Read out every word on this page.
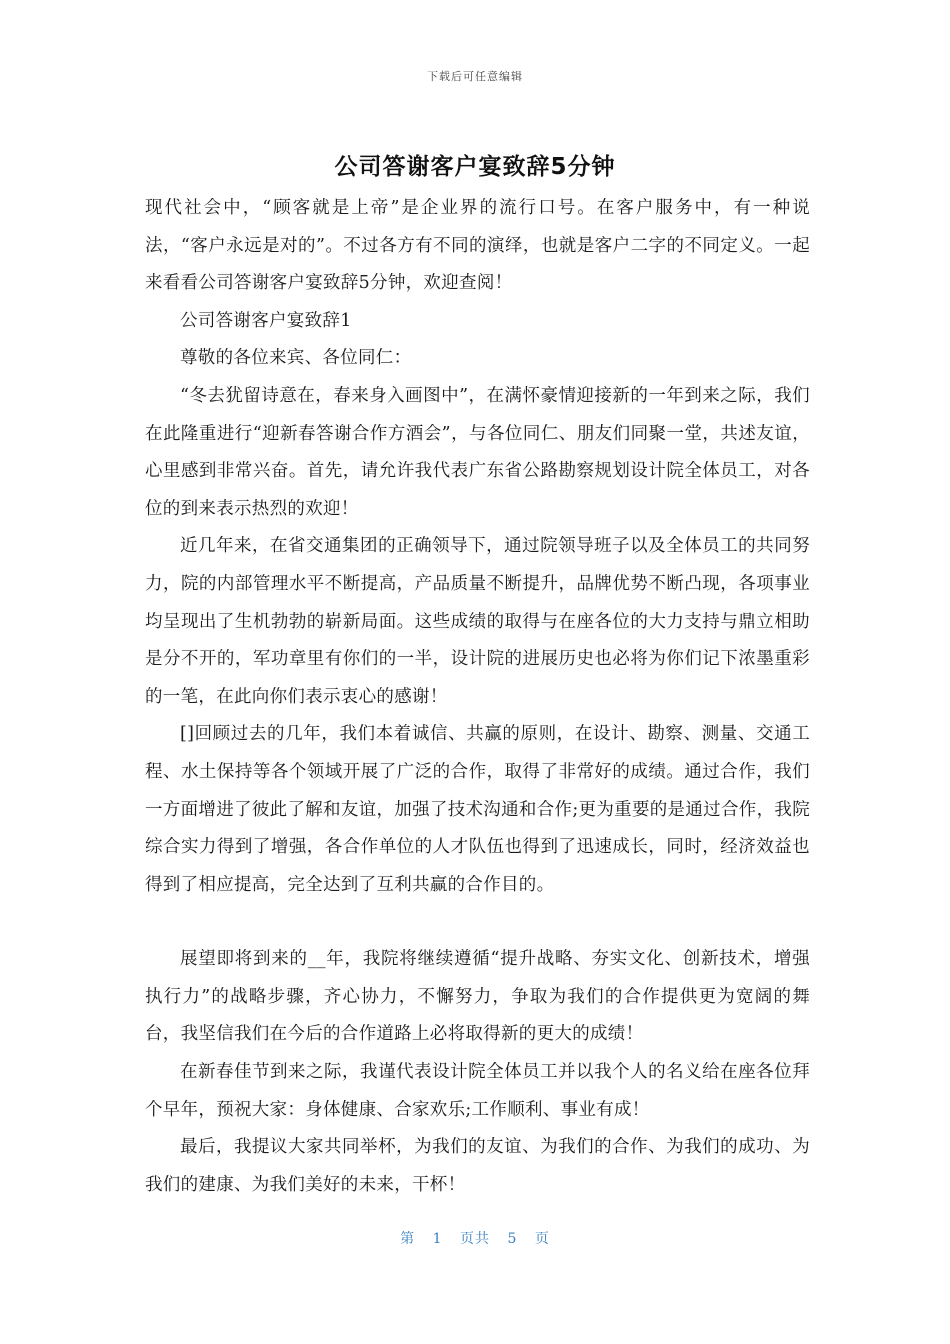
下载后可任意编辑
公司答谢客户宴致辞5分钟

现代社会中，“顾客就是上帝”是企业界的流行口号。在客户服务中，有一种说法，“客户永远是对的”。不过各方有不同的演绎，也就是客户二字的不同定义。一起来看看公司答谢客户宴致辞5分钟，欢迎查阅！

公司答谢客户宴致辞1

尊敬的各位来宾、各位同仁：

“冬去犹留诗意在，春来身入画图中”，在满怀豪情迎接新的一年到来之际，我们在此隆重进行“迎新春答谢合作方酒会”，与各位同仁、朋友们同聚一堂，共述友谊，心里感到非常兴奋。首先，请允许我代表广东省公路勘察规划设计院全体员工，对各位的到来表示热烈的欢迎！

近几年来，在省交通集团的正确领导下，通过院领导班子以及全体员工的共同努力，院的内部管理水平不断提高，产品质量不断提升，品牌优势不断凸现，各项事业均呈现出了生机勃勃的崭新局面。这些成绩的取得与在座各位的大力支持与鼎立相助是分不开的，军功章里有你们的一半，设计院的进展历史也必将为你们记下浓墨重彩的一笔，在此向你们表示衷心的感谢！

[]回顾过去的几年，我们本着诚信、共赢的原则，在设计、勘察、测量、交通工程、水土保持等各个领域开展了广泛的合作，取得了非常好的成绩。通过合作，我们一方面增进了彼此了解和友谊，加强了技术沟通和合作;更为重要的是通过合作，我院综合实力得到了增强，各合作单位的人才队伍也得到了迅速成长，同时，经济效益也得到了相应提高，完全达到了互利共赢的合作目的。

展望即将到来的__年，我院将继续遵循“提升战略、夯实文化、创新技术，增强执行力”的战略步骤，齐心协力，不懈努力，争取为我们的合作提供更为宽阔的舞台，我坚信我们在今后的合作道路上必将取得新的更大的成绩！

在新春佳节到来之际，我谨代表设计院全体员工并以我个人的名义给在座各位拜个早年，预祝大家：身体健康、合家欢乐;工作顺利、事业有成！

最后，我提议大家共同举杯，为我们的友谊、为我们的合作、为我们的成功、为我们的建康、为我们美好的未来，干杯！

第 1 页共 5 页
